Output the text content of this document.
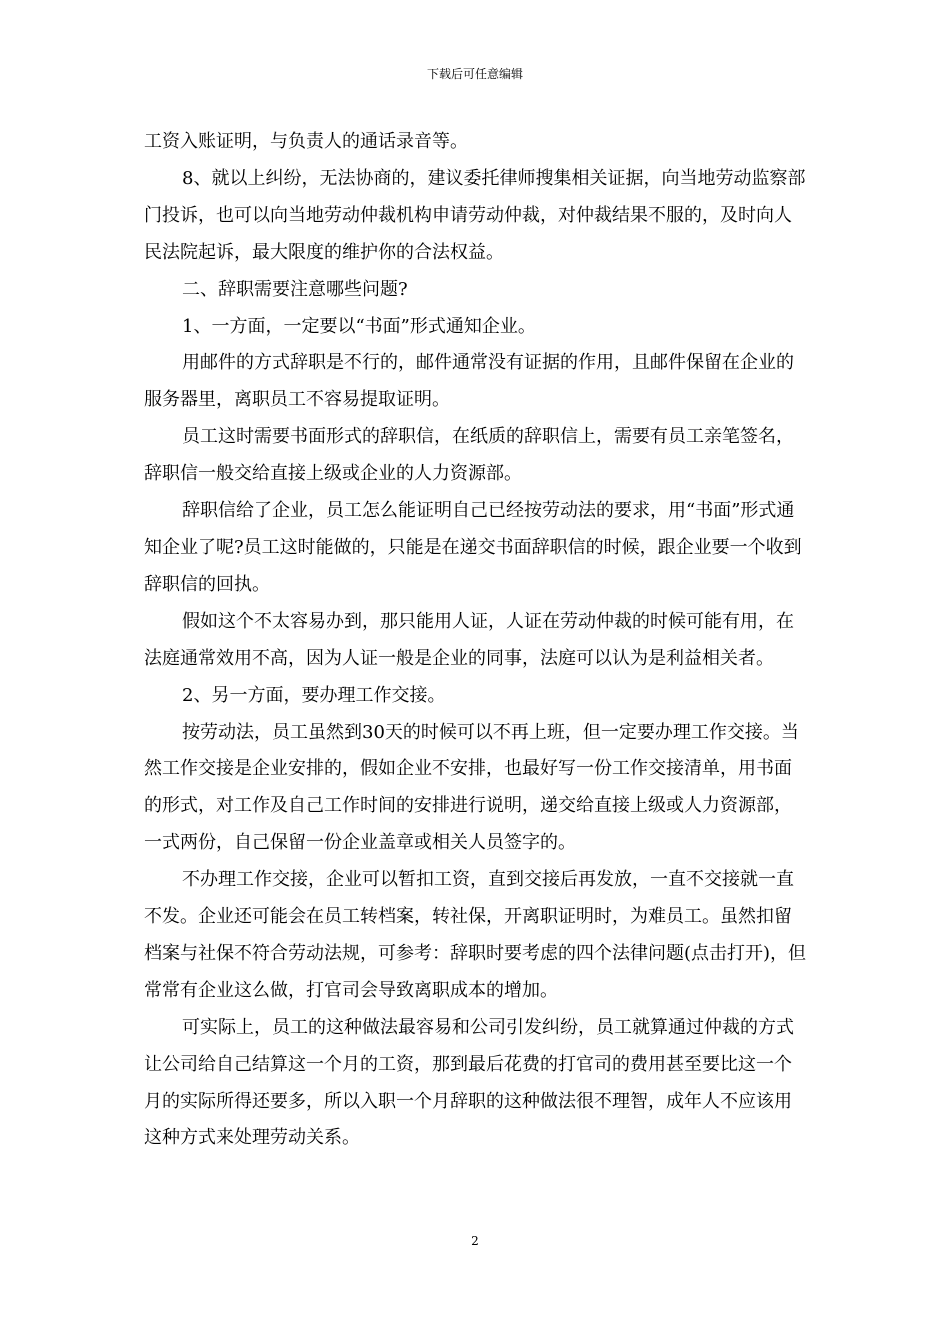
下载后可任意编辑

工资入账证明，与负责人的通话录音等。

8、就以上纠纷，无法协商的，建议委托律师搜集相关证据，向当地劳动监察部门投诉，也可以向当地劳动仲裁机构申请劳动仲裁，对仲裁结果不服的，及时向人民法院起诉，最大限度的维护你的合法权益。

二、辞职需要注意哪些问题?

1、一方面，一定要以“书面”形式通知企业。

用邮件的方式辞职是不行的，邮件通常没有证据的作用，且邮件保留在企业的服务器里，离职员工不容易提取证明。

员工这时需要书面形式的辞职信，在纸质的辞职信上，需要有员工亲笔签名，辞职信一般交给直接上级或企业的人力资源部。

辞职信给了企业，员工怎么能证明自己已经按劳动法的要求，用“书面”形式通知企业了呢?员工这时能做的，只能是在递交书面辞职信的时候，跟企业要一个收到辞职信的回执。

假如这个不太容易办到，那只能用人证，人证在劳动仲裁的时候可能有用，在法庭通常效用不高，因为人证一般是企业的同事，法庭可以认为是利益相关者。

2、另一方面，要办理工作交接。

按劳动法，员工虽然到30天的时候可以不再上班，但一定要办理工作交接。当然工作交接是企业安排的，假如企业不安排，也最好写一份工作交接清单，用书面的形式，对工作及自己工作时间的安排进行说明，递交给直接上级或人力资源部，一式两份，自己保留一份企业盖章或相关人员签字的。

不办理工作交接，企业可以暂扣工资，直到交接后再发放，一直不交接就一直不发。企业还可能会在员工转档案，转社保，开离职证明时，为难员工。虽然扣留档案与社保不符合劳动法规，可参考：辞职时要考虑的四个法律问题(点击打开)，但常常有企业这么做，打官司会导致离职成本的增加。

可实际上，员工的这种做法最容易和公司引发纠纷，员工就算通过仲裁的方式让公司给自己结算这一个月的工资，那到最后花费的打官司的费用甚至要比这一个月的实际所得还要多，所以入职一个月辞职的这种做法很不理智，成年人不应该用这种方式来处理劳动关系。

2
